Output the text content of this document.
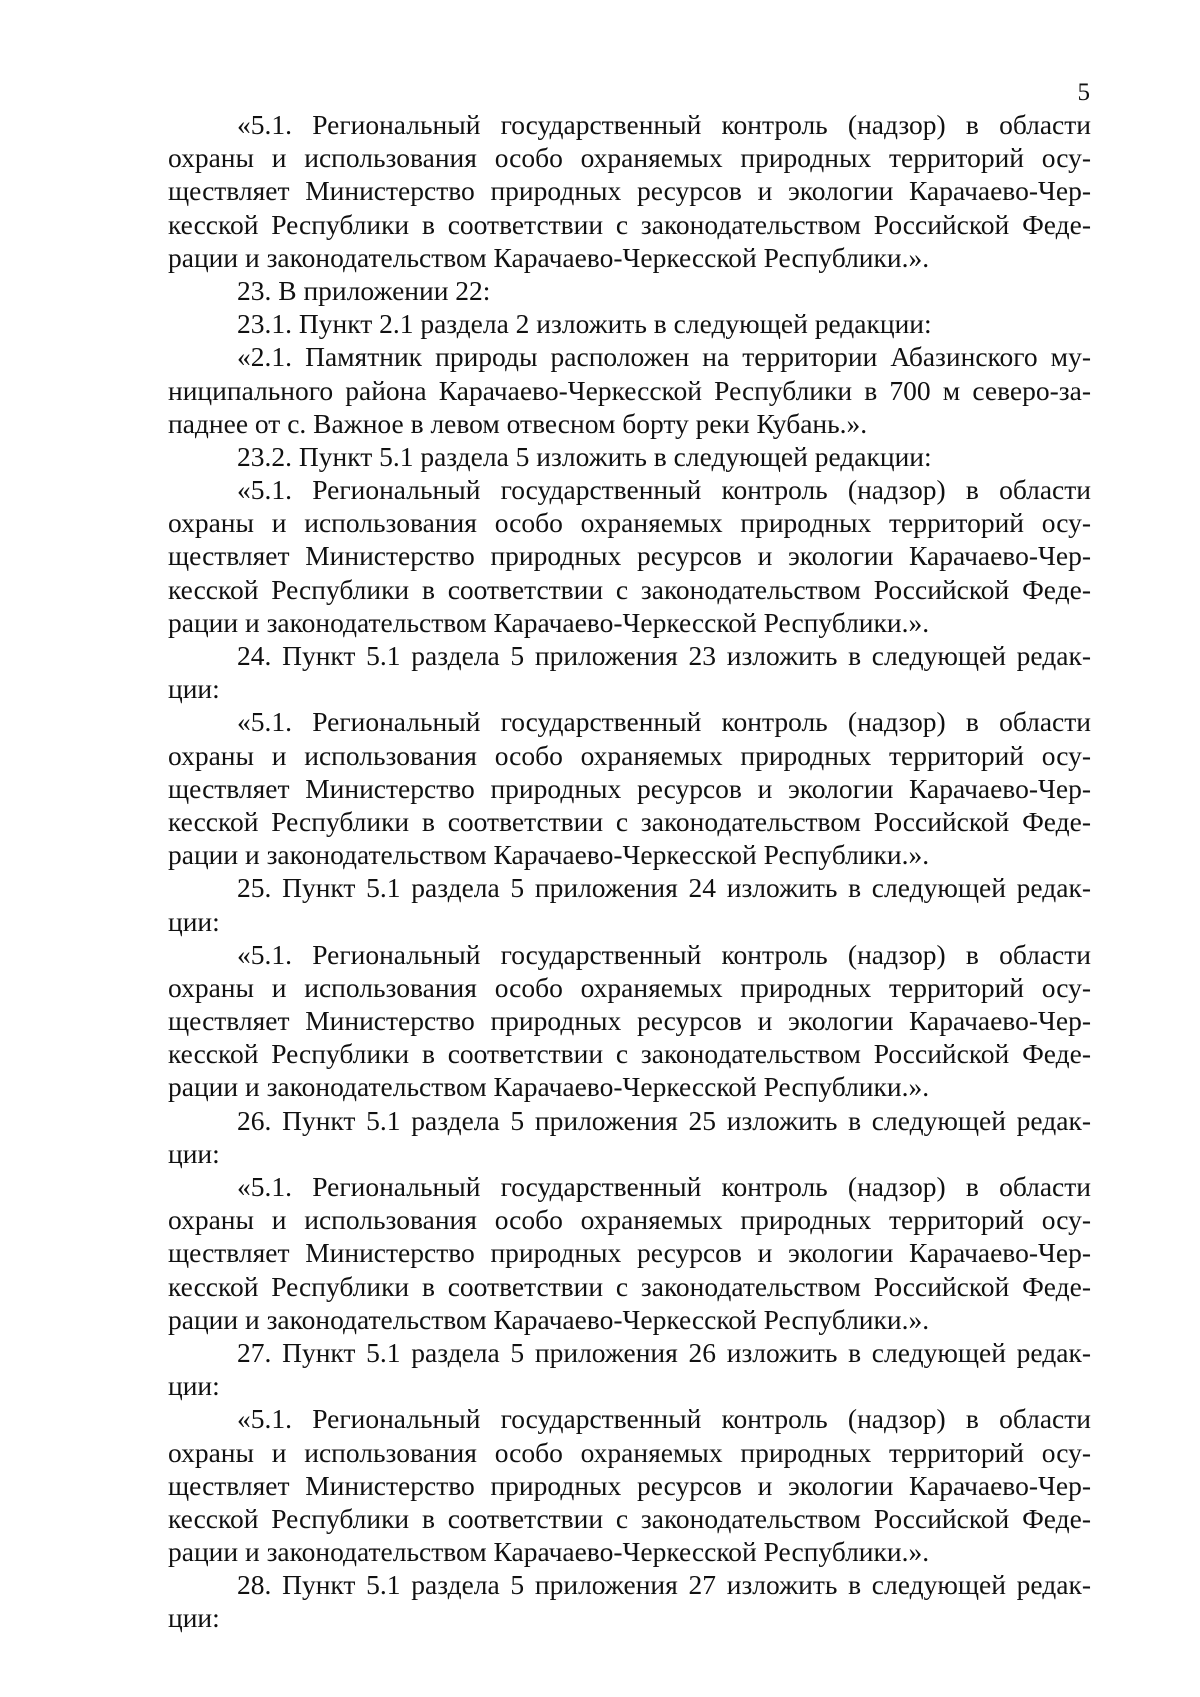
5
«5.1. Региональный государственный контроль (надзор) в области
охраны и использования особо охраняемых природных территорий осу-
ществляет Министерство природных ресурсов и экологии Карачаево-Чер-
кесской Республики в соответствии с законодательством Российской Феде-
рации и законодательством Карачаево-Черкесской Республики.».
23. В приложении 22:
23.1. Пункт 2.1 раздела 2 изложить в следующей редакции:
«2.1. Памятник природы расположен на территории Абазинского му-
ниципального района Карачаево-Черкесской Республики в 700 м северо-за-
паднее от с. Важное в левом отвесном борту реки Кубань.».
23.2. Пункт 5.1 раздела 5 изложить в следующей редакции:
«5.1. Региональный государственный контроль (надзор) в области
охраны и использования особо охраняемых природных территорий осу-
ществляет Министерство природных ресурсов и экологии Карачаево-Чер-
кесской Республики в соответствии с законодательством Российской Феде-
рации и законодательством Карачаево-Черкесской Республики.».
24. Пункт 5.1 раздела 5 приложения 23 изложить в следующей редак-
ции:
«5.1. Региональный государственный контроль (надзор) в области
охраны и использования особо охраняемых природных территорий осу-
ществляет Министерство природных ресурсов и экологии Карачаево-Чер-
кесской Республики в соответствии с законодательством Российской Феде-
рации и законодательством Карачаево-Черкесской Республики.».
25. Пункт 5.1 раздела 5 приложения 24 изложить в следующей редак-
ции:
«5.1. Региональный государственный контроль (надзор) в области
охраны и использования особо охраняемых природных территорий осу-
ществляет Министерство природных ресурсов и экологии Карачаево-Чер-
кесской Республики в соответствии с законодательством Российской Феде-
рации и законодательством Карачаево-Черкесской Республики.».
26. Пункт 5.1 раздела 5 приложения 25 изложить в следующей редак-
ции:
«5.1. Региональный государственный контроль (надзор) в области
охраны и использования особо охраняемых природных территорий осу-
ществляет Министерство природных ресурсов и экологии Карачаево-Чер-
кесской Республики в соответствии с законодательством Российской Феде-
рации и законодательством Карачаево-Черкесской Республики.».
27. Пункт 5.1 раздела 5 приложения 26 изложить в следующей редак-
ции:
«5.1. Региональный государственный контроль (надзор) в области
охраны и использования особо охраняемых природных территорий осу-
ществляет Министерство природных ресурсов и экологии Карачаево-Чер-
кесской Республики в соответствии с законодательством Российской Феде-
рации и законодательством Карачаево-Черкесской Республики.».
28. Пункт 5.1 раздела 5 приложения 27 изложить в следующей редак-
ции:
